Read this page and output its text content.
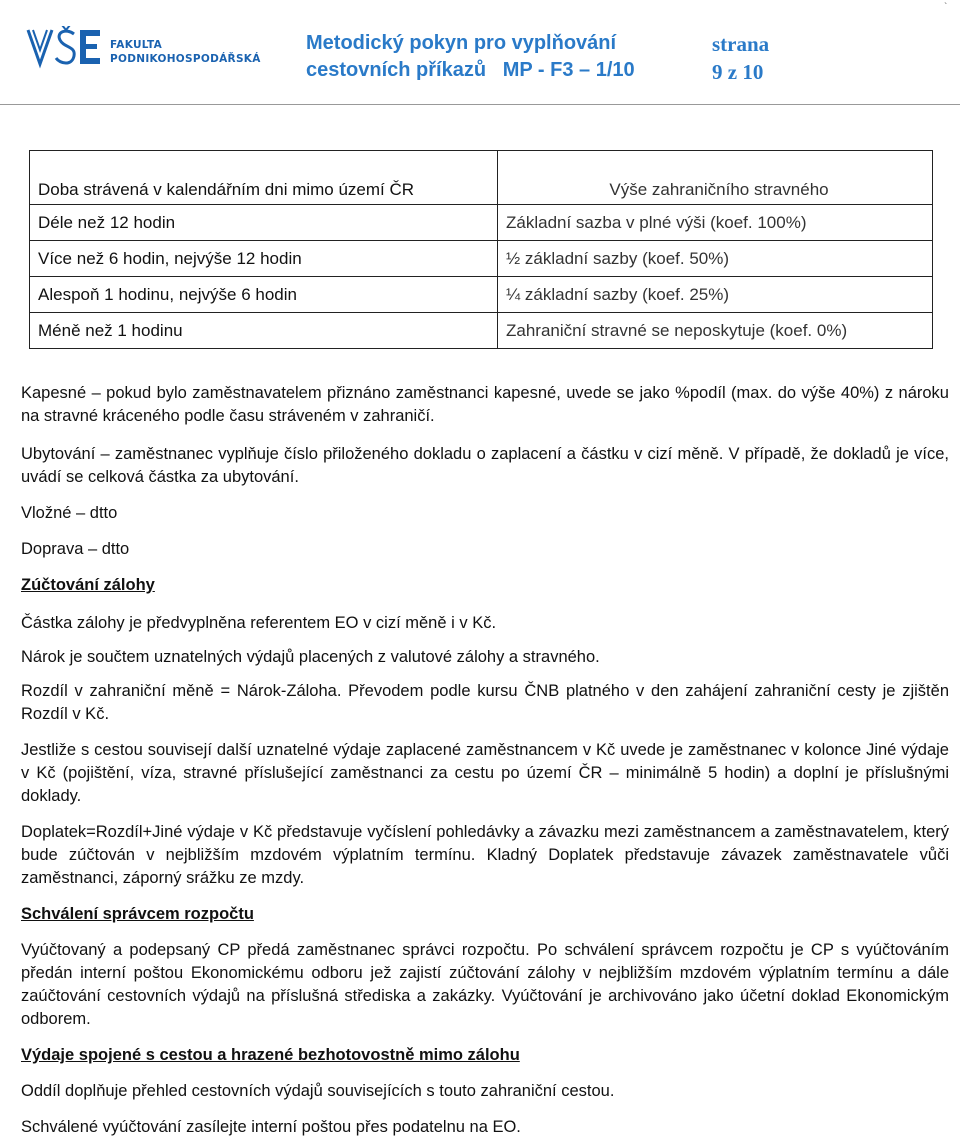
FAKULTA
PODNIKOHOSPODÁŘSKÁ
Metodický pokyn pro vyplňování
cestovních příkazů   MP - F3 – 1/10
strana
9 z 10
`
Doba strávená v kalendářním dni mimo území ČR	Výše zahraničního stravného
Déle než 12 hodin	Základní sazba v plné výši (koef. 100%)
Více než 6 hodin, nejvýše 12 hodin	½ základní sazby (koef. 50%)
Alespoň 1 hodinu, nejvýše 6 hodin	¼ základní sazby (koef. 25%)
Méně než 1 hodinu	Zahraniční stravné se neposkytuje (koef. 0%)

Kapesné – pokud bylo zaměstnavatelem přiznáno zaměstnanci kapesné, uvede se jako %podíl (max. do výše 40%) z nároku na stravné kráceného podle času stráveném v zahraničí.

Ubytování – zaměstnanec vyplňuje číslo přiloženého dokladu o zaplacení a částku v cizí měně. V případě, že dokladů je více, uvádí se celková částka za ubytování.

Vložné – dtto

Doprava – dtto

Zúčtování zálohy

Částka zálohy je předvyplněna referentem EO v cizí měně i v Kč.

Nárok je součtem uznatelných výdajů placených z valutové zálohy a stravného.

Rozdíl v zahraniční měně = Nárok-Záloha. Převodem podle kursu ČNB platného v den zahájení zahraniční cesty je zjištěn Rozdíl v Kč.

Jestliže s cestou souvisejí další uznatelné výdaje zaplacené zaměstnancem v Kč uvede je zaměstnanec v kolonce Jiné výdaje v Kč (pojištění, víza, stravné příslušející zaměstnanci za cestu po území ČR – minimálně 5 hodin) a doplní je příslušnými doklady.

Doplatek=Rozdíl+Jiné výdaje v Kč představuje vyčíslení pohledávky a závazku mezi zaměstnancem a zaměstnavatelem, který bude zúčtován v nejbližším mzdovém výplatním termínu. Kladný Doplatek představuje závazek zaměstnavatele vůči zaměstnanci, záporný srážku ze mzdy.

Schválení správcem rozpočtu

Vyúčtovaný a podepsaný CP předá zaměstnanec správci rozpočtu. Po schválení správcem rozpočtu je CP s vyúčtováním předán interní poštou Ekonomickému odboru jež zajistí zúčtování zálohy v nejbližším mzdovém výplatním termínu a dále zaúčtování cestovních výdajů na příslušná střediska a zakázky. Vyúčtování je archivováno jako účetní doklad Ekonomickým odborem.

Výdaje spojené s cestou a hrazené bezhotovostně mimo zálohu

Oddíl doplňuje přehled cestovních výdajů souvisejících s touto zahraniční cestou.

Schválené vyúčtování zasílejte interní poštou přes podatelnu na EO.
